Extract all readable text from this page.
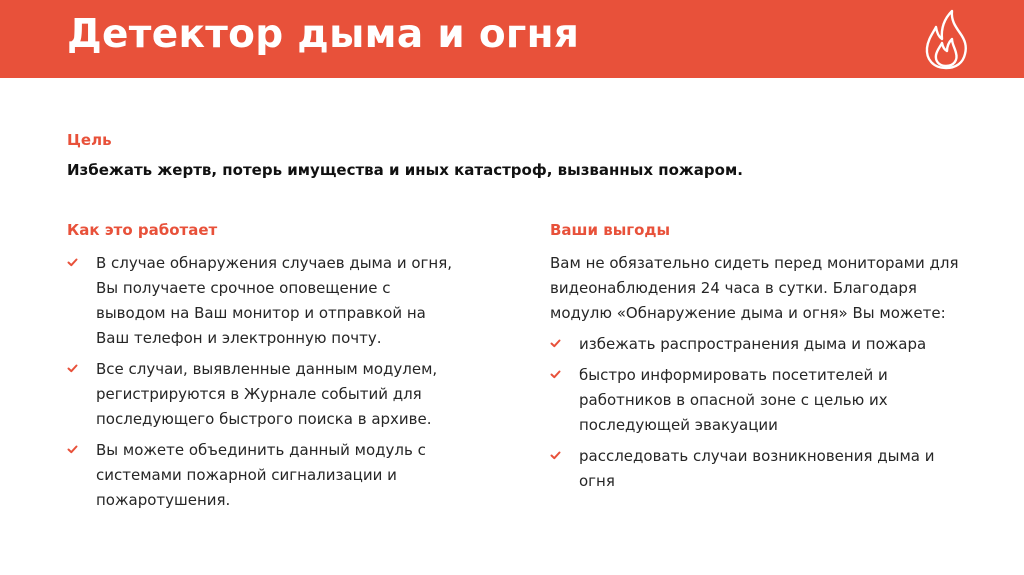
Детектор дыма и огня
Цель
Избежать жертв, потерь имущества и иных катастроф, вызванных пожаром.
Как это работает	Ваши выгоды
В случае обнаружения случаев дыма и огня, Вы получаете срочное оповещение с выводом на Ваш монитор и отправкой на Ваш телефон и электронную почту.
Все случаи, выявленные данным модулем, регистрируются в Журнале событий для последующего быстрого поиска в архиве.
Вы можете объединить данный модуль с системами пожарной сигнализации и пожаротушения.
Вам не обязательно сидеть перед мониторами для видеонаблюдения 24 часа в сутки. Благодаря модулю «Обнаружение дыма и огня» Вы можете:
избежать распространения дыма и пожара
быстро информировать посетителей и работников в опасной зоне с целью их последующей эвакуации
расследовать случаи возникновения дыма и огня
